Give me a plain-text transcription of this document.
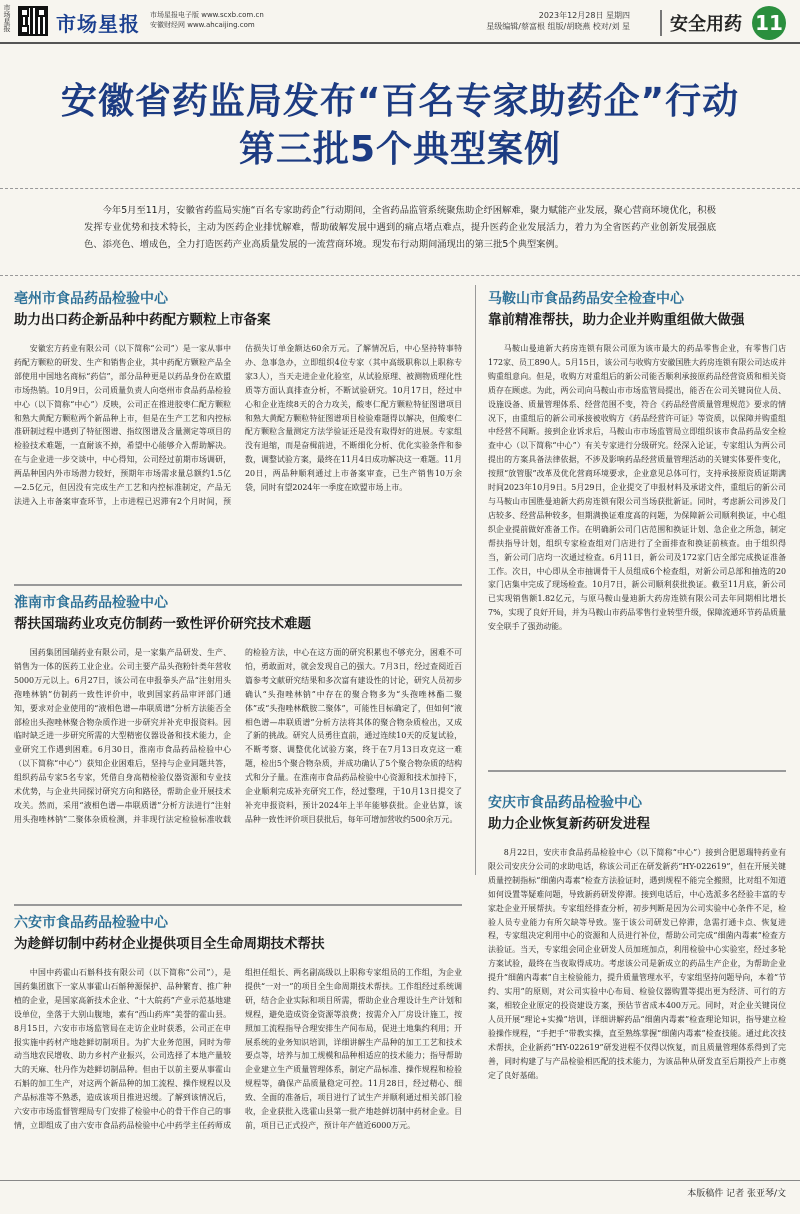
市场星报 市场星报 市场星报电子版 www.scxb.com.cn
安徽财经网 www.ahcaijing.com
2023年12月28日 星期四
星级编辑/蔡富根 组版/胡晓燕 校对/刘 星	安全用药 11
安徽省药监局发布“百名专家助药企”行动
第三批5个典型案例

今年5月至11月，安徽省药监局实施“百名专家助药企”行动期间，全省药品监管系统聚焦助企纾困解难，聚力赋能产业发展，聚心营商环境优化，积极发挥专业优势和技术特长，主动为医药企业排忧解难，帮助破解发展中遇到的痛点堵点难点，提升医药企业发展活力，着力为全省医药产业创新发展强底色、添亮色、增成色，全力打造医药产业高质量发展的一流营商环境。现发布行动期间涌现出的第三批5个典型案例。

亳州市食品药品检验中心
助力出口药企新品种中药配方颗粒上市备案

安徽宏方药业有限公司（以下简称“公司”）是一家从事中药配方颗粒的研发、生产和销售企业，其中药配方颗粒产品全部使用中国地名商标“药信”，部分品种更是以药品身份在欧盟市场热销。10月9日，公司质量负责人向亳州市食品药品检验中心（以下简称“中心”）反映，公司正在推进胶枣仁配方颗粒和熟大黄配方颗粒两个新品种上市，但是在生产工艺和内控标准研制过程中遇到了特征图谱、指纹图谱及含量测定等项目的检验技术难题，一直耐该不掉，希望中心能够介入帮助解决。在与企业进一步交谈中，中心得知，公司经过前期市场调研，两品种国内外市场潜力较好，预期年市场需求量总额约1.5亿—2.5亿元，但因没有完成生产工艺和内控标准制定，产品无法进入上市备案审查环节，上市进程已迟滞有2个月时间，预估损失订单金额达60余万元。了解情况后，中心坚持特事特办、急事急办，立即组织4位专家（其中高级职称以上职称专家3人），当天走进企业化验室，从试验原理、被测物质理化性质等方面认真排查分析，不断试验研究。10月17日，经过中心和企业连续8天的合力攻关，酸枣仁配方颗粒特征图谱项目和熟大黄配方颗粒特征图谱项目检验难题得以解决，但酸枣仁配方颗粒含量测定方法学验证还是没有取得好的进展。专家组没有退缩，而是奋楫前进，不断细化分析、优化实验条件和参数，调整试验方案，最终在11月4日成功解决这一难题。11月20日，两品种顺利通过上市备案审查，已生产销售10万余袋，同时有望2024年一季度在欧盟市场上市。

淮南市食品药品检验中心
帮扶国瑞药业攻克仿制药一致性评价研究技术难题

国药集团国瑞药业有限公司，是一家集产品研发、生产、销售为一体的医药工业企业。公司主要产品头孢粉针类年营收5000万元以上。6月27日，该公司在申报拳头产品“注射用头孢唑林钠”仿制药一致性评价中，收到国家药品审评部门通知，要求对企业使用的“液相色谱—串联质谱”分析方法能否全部检出头孢唑林聚合物杂质作进一步研究并补充申报资料。因临时缺乏进一步研究所需的大型精密仪器设备和技术能力，企业研究工作遇到困难。6月30日，淮南市食品药品检验中心（以下简称“中心”）获知企业困难后，坚持与企业同题共答，组织药品专家5名专家，凭借自身高精检验仪器资源和专业技术优势，与企业共同探讨研究方向和路径，帮助企业开展技术攻关。然而，采用“液相色谱—串联质谱”分析方法进行“注射用头孢唑林钠”二聚体杂质检测，并非现行法定检验标准收载的检验方法，中心在这方面的研究积累也不够充分，困难不可怕，勇敢面对，就会发现自己的强大。7月3日，经过查阅近百篇参考文献研究结果和多次富有建设性的讨论，研究人员初步确认“头孢唑林钠”中存在的聚合物多为“头孢唑林酯二聚体”或“头孢唑林酰胺二聚体”，可能性目标确定了，但如何“液相色谱—串联质谱”分析方法将其体的聚合物杂质检出，又成了新的挑战。研究人员勇往直前，通过连续10天的反复试验，不断考察、调整优化试验方案，终于在7月13日攻克这一难题，检出5个聚合物杂质，并成功确认了5个聚合物杂质的结构式和分子量。在淮南市食品药品检验中心资源和技术加持下，企业顺利完成补充研究工作，经过整理，于10月13日提交了补充申报资料，预计2024年上半年能够获批。企业估算，该品种一致性评价项目获批后，每年可增加营收约500余万元。

六安市食品药品检验中心
为趁鲜切制中药材企业提供项目全生命周期技术帮扶

中国中药霍山石斛科技有限公司（以下简称“公司”），是国药集团旗下一家从事霍山石斛种源保护、品种繁育、推广种植的企业，是国家高新技术企业、“十大皖药”产业示范基地建设单位，坐落于大别山腹地，素有“西山药库”美誉的霍山县。8月15日，六安市市场监管局在走访企业时获悉，公司正在申报实施中药材产地趁鲜切制项目。为扩大业务范围，同时为带动当地农民增收、助力乡村产业振兴，公司选择了本地产量较大的天麻、牡丹作为趁鲜切制品种。但由于以前主要从事霍山石斛的加工生产，对这两个新品种的加工流程、操作规程以及产品标准等不熟悉，造成该项目推进迟缓。了解到该情况后，六安市市场监督管理局专门安排了检验中心的骨干作自己的事情，立即组成了由六安市食品药品检验中心中药学主任药师成组担任组长、两名副高级以上职称专家组员的工作组，为企业提供“一对一”的项目全生命周期技术帮扶。工作组经过系统调研，结合企业实际和项目所需，帮助企业合理设计生产计划和规程，避免造成资金资源等浪费；按需介入厂房设计施工，按照加工流程指导合理安排生产间布局，促进土地集约利用；开展系统的业务知识培训，详细讲解生产品种的加工工艺和技术要点等，培养与加工规模和品种相适应的技术能力；指导帮助企业建立生产质量管理体系，制定产品标准、操作规程和检验规程等，确保产品质量稳定可控。11月28日，经过精心、细致、全面的准备后，项目进行了试生产并顺利通过相关部门验收，企业获批入选霍山县第一批产地趁鲜切制中药材企业。目前，项目已正式投产，预计年产值近6000万元。

马鞍山市食品药品安全检查中心
靠前精准帮扶，助力企业并购重组做大做强

马鞍山曼迪新大药房连锁有限公司原为该市最大的药品零售企业，有零售门店172家、员工890人。5月15日，该公司与收购方安徽国胜大药房连锁有限公司达成并购重组意向。但是，收购方对重组后的新公司能否顺利承接原药品经营资质和相关资质存在顾虑。为此，两公司向马鞍山市市场监管局提出，能否在公司关键岗位人员、设施设备、质量管理体系、经营范围不变，符合《药品经营质量管理规范》要求的情况下，由重组后的新公司承接被收购方《药品经营许可证》等资质，以保障并购重组中经营不间断。接到企业诉求后，马鞍山市市场监管局立即组织该市食品药品安全检查中心（以下简称“中心”）有关专家进行分级研究。经深入论证，专家组认为两公司提出的方案具备法律依据，不涉及影响药品经营质量管理活动的关键实体要件变化，按照“放管服”改革及优化营商环境要求，企业意见总体可行，支持承接原资质证期满时间2023年10月9日。5月29日，企业提交了申报材料及承诺文件，重组后的新公司与马鞍山市国胜曼迪新大药房连锁有限公司当场获批新证。同时，考虑新公司涉及门店较多、经营品种较多，但期满换证难度高的问题，为保障新公司顺利换证，中心组织企业提前做好准备工作。在明确新公司门店范围和换证计划、急企业之所急，制定帮扶指导计划，组织专家检查组对门店进行了全面排查和换证前核查。由于组织得当，新公司门店均一次通过检查。6月11日，新公司及172家门店全部完成换证准备工作。次日，中心即从全市抽调骨干人员组成6个检查组，对新公司总部和抽选的20家门店集中完成了现场检查。10月7日，新公司顺利获批换证。截至11月底，新公司已实现销售额1.82亿元，与原马鞍山曼迪新大药房连锁有限公司去年同期相比增长7%，实现了良好开局，并为马鞍山市药品零售行业转型升级，保障流通环节药品质量安全联手了强劲动能。

安庆市食品药品检验中心
助力企业恢复新药研发进程

8月22日，安庆市食品药品检验中心（以下简称“中心”）接到合肥恩瑞特药业有限公司安庆分公司的求助电话，称该公司正在研发新药“HY-022619”，但在开展关键质量控制指标“细菌内毒素”检查方法验证时，遇到规程不能完全搬照，比对组不知道如何设置等疑难问题，导致新药研发停滞。接到电话后，中心选派多名经验丰富的专家赴企业开展帮扶。专家组经排查分析，初步判断是因为公司实验中心条件不足，检验人员专业能力有所欠缺等导致。鉴于该公司研发已停滞，急需打通卡点、恢复进程，专家组决定利用中心的资源和人员进行补位，帮助公司完成“细菌内毒素”检查方法验证。当天，专家组会同企业研发人员加班加点，利用检验中心实验室，经过多轮方案试验，最终在当夜取得成功。考虑该公司是新成立的药品生产企业，为帮助企业提升“细菌内毒素”自主检验能力，提升质量管理水平，专家组坚持问题导向，本着“节约、实用”的原则，对公司实验中心布局、检验仪器购置等提出更为经济、可行的方案，相较企业原定的投资建设方案，预估节省成本400万元。同时，对企业关键岗位人员开展“理论+实操”培训，详细讲解药品“细菌内毒素”检查理论知识，指导建立检验操作规程，“手把手”带教实操，直至熟练掌握“细菌内毒素”检查技能。通过此次技术帮扶，企业新药“HY-022619”研发进程不仅得以恢复，而且质量管理体系得到了完善，同时构建了与产品检验相匹配的技术能力，为该品种从研发直至后期投产上市奠定了良好基础。

本版稿件 记者 张亚琴/文
